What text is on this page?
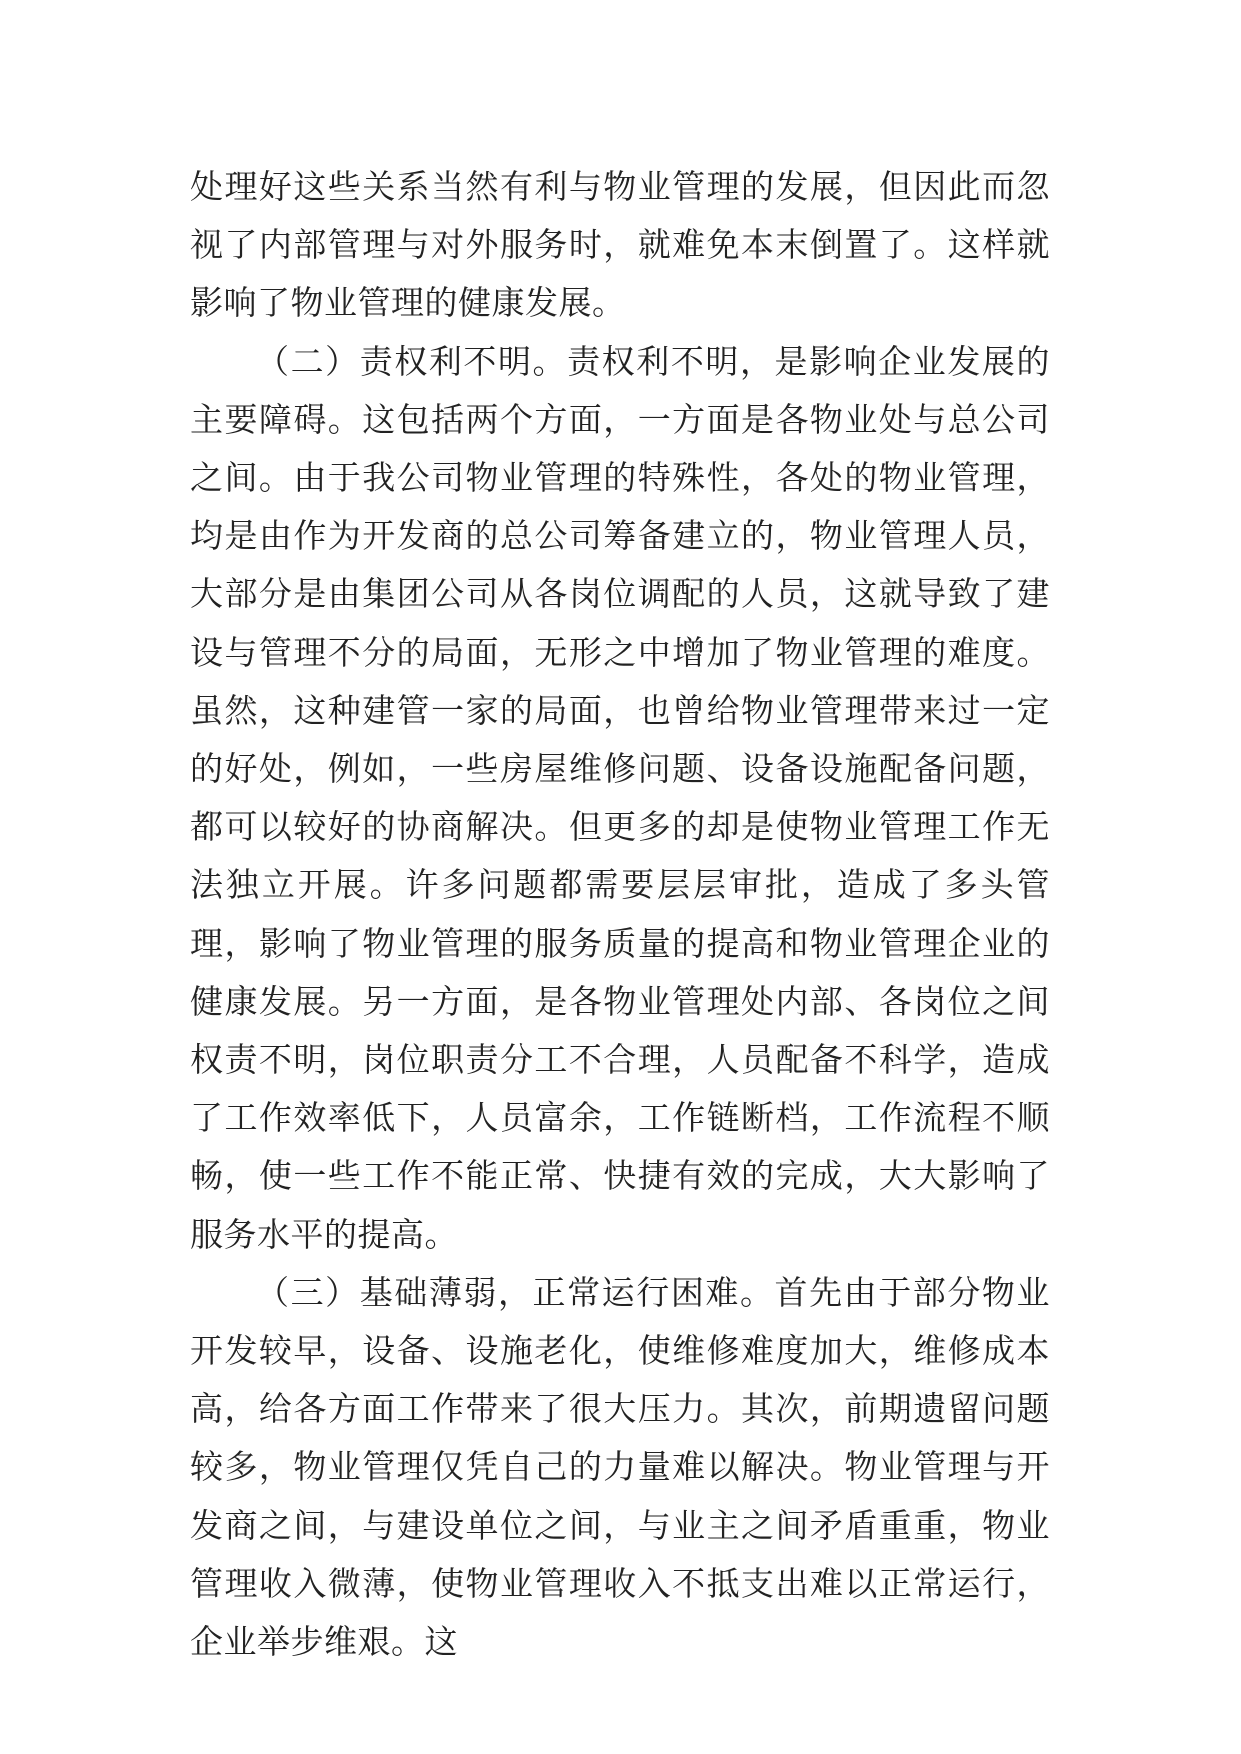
处理好这些关系当然有利与物业管理的发展，但因此而忽视了内部管理与对外服务时，就难免本末倒置了。这样就影响了物业管理的健康发展。

（二）责权利不明。责权利不明，是影响企业发展的主要障碍。这包括两个方面，一方面是各物业处与总公司之间。由于我公司物业管理的特殊性，各处的物业管理，均是由作为开发商的总公司筹备建立的，物业管理人员，大部分是由集团公司从各岗位调配的人员，这就导致了建设与管理不分的局面，无形之中增加了物业管理的难度。虽然，这种建管一家的局面，也曾给物业管理带来过一定的好处，例如，一些房屋维修问题、设备设施配备问题，都可以较好的协商解决。但更多的却是使物业管理工作无法独立开展。许多问题都需要层层审批，造成了多头管理，影响了物业管理的服务质量的提高和物业管理企业的健康发展。另一方面，是各物业管理处内部、各岗位之间权责不明，岗位职责分工不合理，人员配备不科学，造成了工作效率低下，人员富余，工作链断档，工作流程不顺畅，使一些工作不能正常、快捷有效的完成，大大影响了服务水平的提高。

（三）基础薄弱，正常运行困难。首先由于部分物业开发较早，设备、设施老化，使维修难度加大，维修成本高，给各方面工作带来了很大压力。其次，前期遗留问题较多，物业管理仅凭自己的力量难以解决。物业管理与开发商之间，与建设单位之间，与业主之间矛盾重重，物业管理收入微薄，使物业管理收入不抵支出难以正常运行，企业举步维艰。这
